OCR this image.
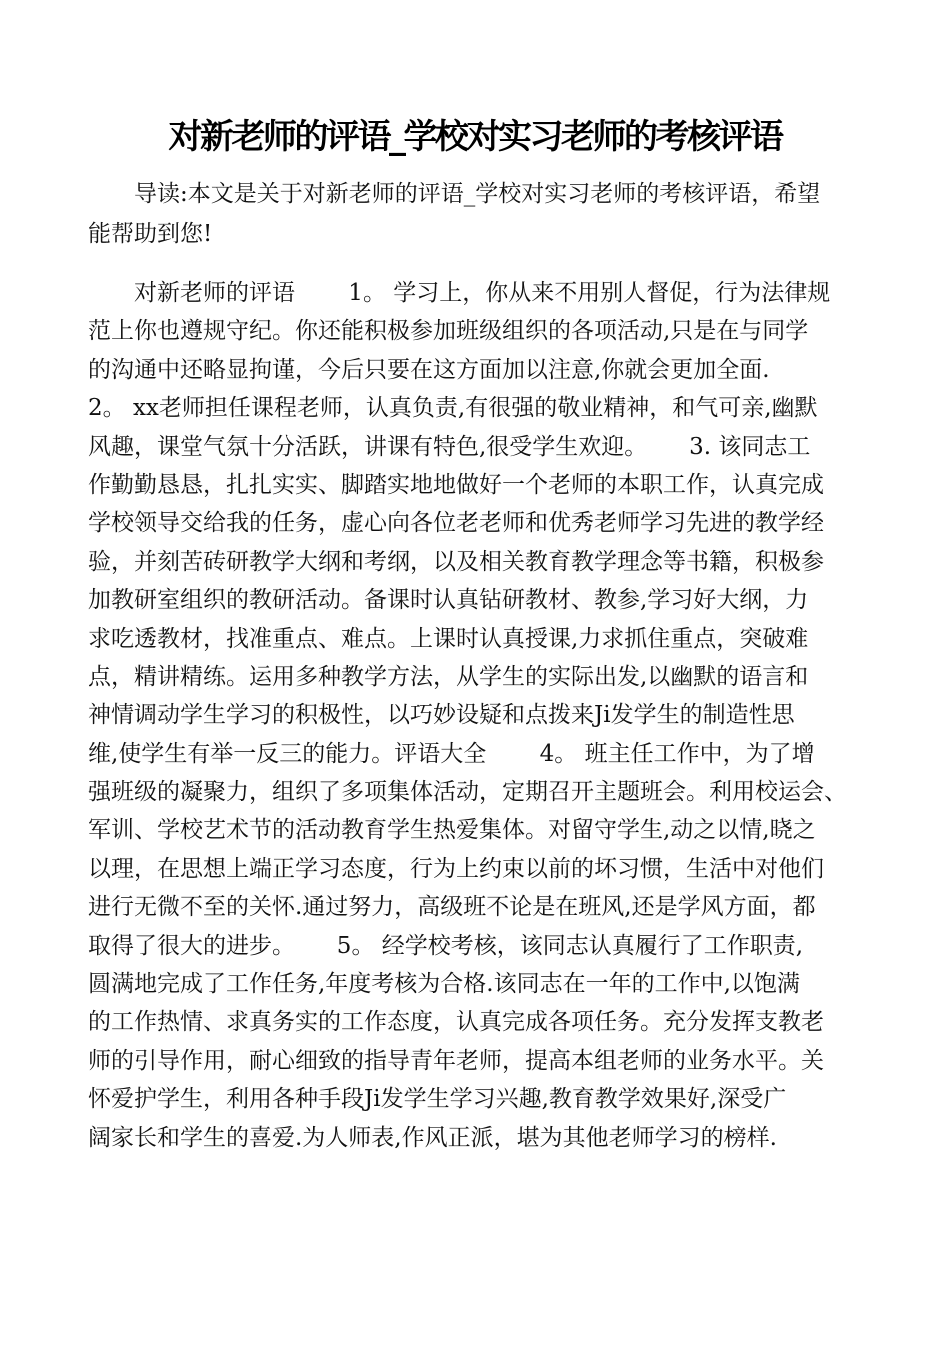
对新老师的评语_学校对实习老师的考核评语
导读:本文是关于对新老师的评语_学校对实习老师的考核评语，希望
能帮助到您!
对新老师的评语　　 1。 学习上，你从来不用别人督促，行为法律规
范上你也遵规守纪。你还能积极参加班级组织的各项活动,只是在与同学
的沟通中还略显拘谨，今后只要在这方面加以注意,你就会更加全面.
2。 xx老师担任课程老师，认真负责,有很强的敬业精神，和气可亲,幽默
风趣，课堂气氛十分活跃，讲课有特色,很受学生欢迎。　　 3. 该同志工
作勤勤恳恳，扎扎实实、脚踏实地地做好一个老师的本职工作，认真完成
学校领导交给我的任务，虚心向各位老老师和优秀老师学习先进的教学经
验，并刻苦砖研教学大纲和考纲，以及相关教育教学理念等书籍，积极参
加教研室组织的教研活动。备课时认真钻研教材、教参,学习好大纲，力
求吃透教材，找准重点、难点。上课时认真授课,力求抓住重点，突破难
点，精讲精练。运用多种教学方法，从学生的实际出发,以幽默的语言和
神情调动学生学习的积极性，以巧妙设疑和点拨来Ji发学生的制造性思
维,使学生有举一反三的能力。评语大全　　 4。 班主任工作中，为了增
强班级的凝聚力，组织了多项集体活动，定期召开主题班会。利用校运会、
军训、学校艺术节的活动教育学生热爱集体。对留守学生,动之以情,晓之
以理，在思想上端正学习态度，行为上约束以前的坏习惯，生活中对他们
进行无微不至的关怀.通过努力，高级班不论是在班风,还是学风方面，都
取得了很大的进步。　　 5。 经学校考核，该同志认真履行了工作职责,
圆满地完成了工作任务,年度考核为合格.该同志在一年的工作中,以饱满
的工作热情、求真务实的工作态度，认真完成各项任务。充分发挥支教老
师的引导作用，耐心细致的指导青年老师，提高本组老师的业务水平。关
怀爱护学生，利用各种手段Ji发学生学习兴趣,教育教学效果好,深受广
阔家长和学生的喜爱.为人师表,作风正派，堪为其他老师学习的榜样.
